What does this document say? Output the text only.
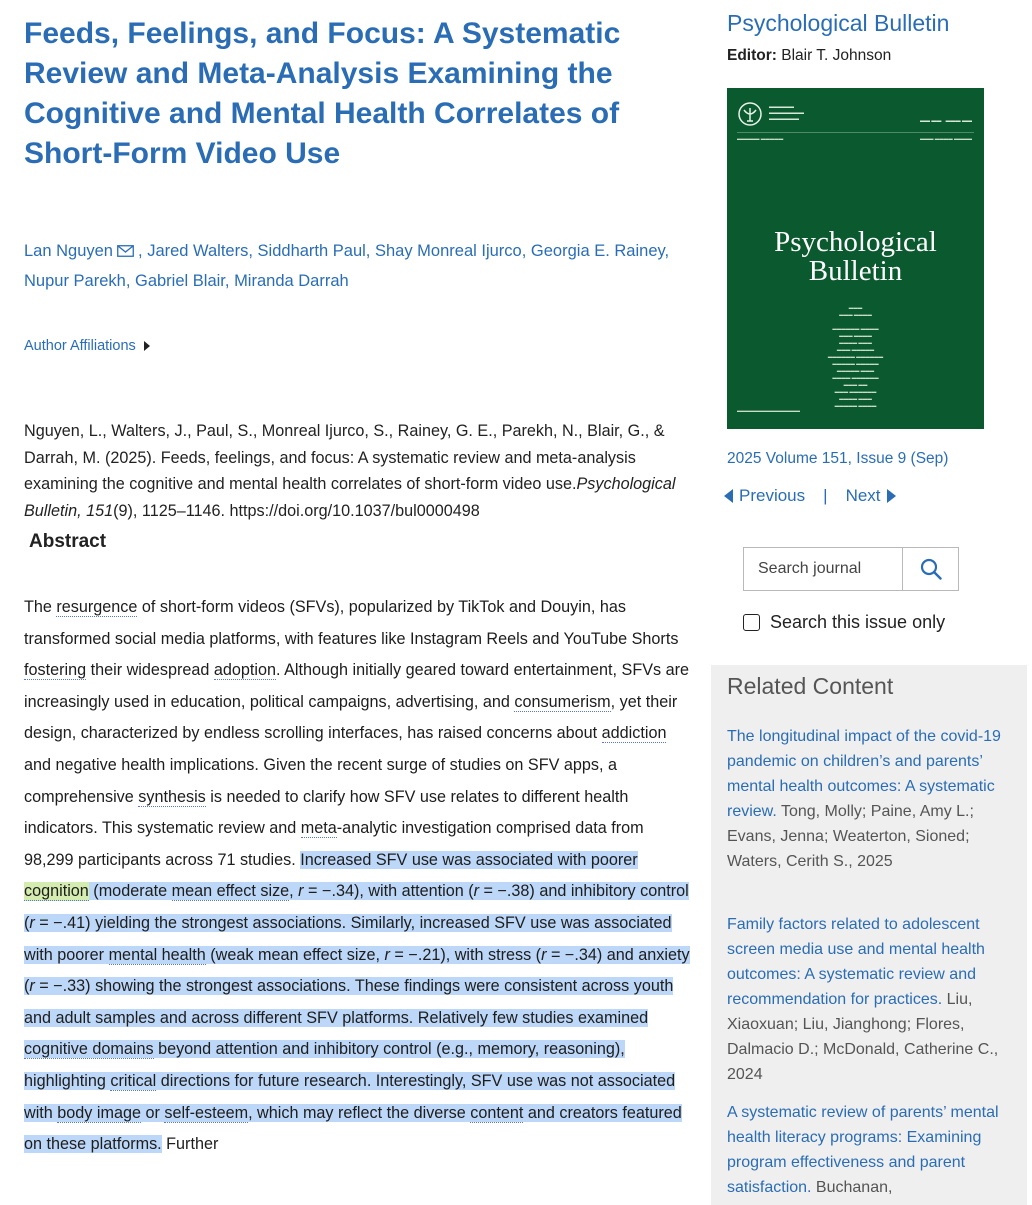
Feeds, Feelings, and Focus: A Systematic Review and Meta-Analysis Examining the Cognitive and Mental Health Correlates of Short-Form Video Use
Lan Nguyen , Jared Walters, Siddharth Paul, Shay Monreal Ijurco, Georgia E. Rainey, Nupur Parekh, Gabriel Blair, Miranda Darrah
Author Affiliations
Nguyen, L., Walters, J., Paul, S., Monreal Ijurco, S., Rainey, G. E., Parekh, N., Blair, G., & Darrah, M. (2025). Feeds, feelings, and focus: A systematic review and meta-analysis examining the cognitive and mental health correlates of short-form video use.Psychological Bulletin, 151(9), 1125–1146. https://doi.org/10.1037/bul0000498
Abstract

The resurgence of short-form videos (SFVs), popularized by TikTok and Douyin, has transformed social media platforms, with features like Instagram Reels and YouTube Shorts fostering their widespread adoption. Although initially geared toward entertainment, SFVs are increasingly used in education, political campaigns, advertising, and consumerism, yet their design, characterized by endless scrolling interfaces, has raised concerns about addiction and negative health implications. Given the recent surge of studies on SFV apps, a comprehensive synthesis is needed to clarify how SFV use relates to different health indicators. This systematic review and meta-analytic investigation comprised data from 98,299 participants across 71 studies. Increased SFV use was associated with poorer cognition (moderate mean effect size, r = −.34), with attention (r = −.38) and inhibitory control (r = −.41) yielding the strongest associations. Similarly, increased SFV use was associated with poorer mental health (weak mean effect size, r = −.21), with stress (r = −.34) and anxiety (r = −.33) showing the strongest associations. These findings were consistent across youth and adult samples and across different SFV platforms. Relatively few studies examined cognitive domains beyond attention and inhibitory control (e.g., memory, reasoning), highlighting critical directions for future research. Interestingly, SFV use was not associated with body image or self-esteem, which may reflect the diverse content and creators featured on these platforms. Further

Psychological Bulletin
Editor: Blair T. Johnson
▬▬▬▬▬
▬▬▬▬▬▬▬
▬▬▬▬▬▬	▬▬ ▬▬   ▬▬▬ ▬▬
▬▬▬▬▬ ▬▬▬▬▬	▬▬▬ ▬▬▬▬ ▬▬▬▬
Psychological
Bulletin
▬▬▬
▬▬▬ ▬▬▬▬

▬▬▬▬▬▬ ▬▬▬▬
▬▬▬ ▬▬▬▬
▬▬▬▬ ▬▬▬
▬▬▬ ▬▬▬▬▬
▬▬▬▬▬▬ ▬▬▬▬▬▬
▬▬▬▬▬ ▬▬▬▬▬
▬▬▬▬▬ ▬▬▬
▬▬▬▬ ▬▬▬▬▬▬
▬▬▬ ▬▬
▬▬▬ ▬▬▬▬▬▬
▬▬▬▬ ▬▬▬
▬▬▬▬▬ ▬▬▬▬
▬▬▬▬▬▬▬▬▬▬▬▬▬▬
2025 Volume 151, Issue 9 (Sep)
Previous | Next
Search journal
Search this issue only
Related Content
The longitudinal impact of the covid-19 pandemic on children’s and parents’ mental health outcomes: A systematic review. Tong, Molly; Paine, Amy L.; Evans, Jenna; Weaterton, Sioned; Waters, Cerith S., 2025
Family factors related to adolescent screen media use and mental health outcomes: A systematic review and recommendation for practices. Liu, Xiaoxuan; Liu, Jianghong; Flores, Dalmacio D.; McDonald, Catherine C., 2024
A systematic review of parents’ mental health literacy programs: Examining program effectiveness and parent satisfaction. Buchanan,
